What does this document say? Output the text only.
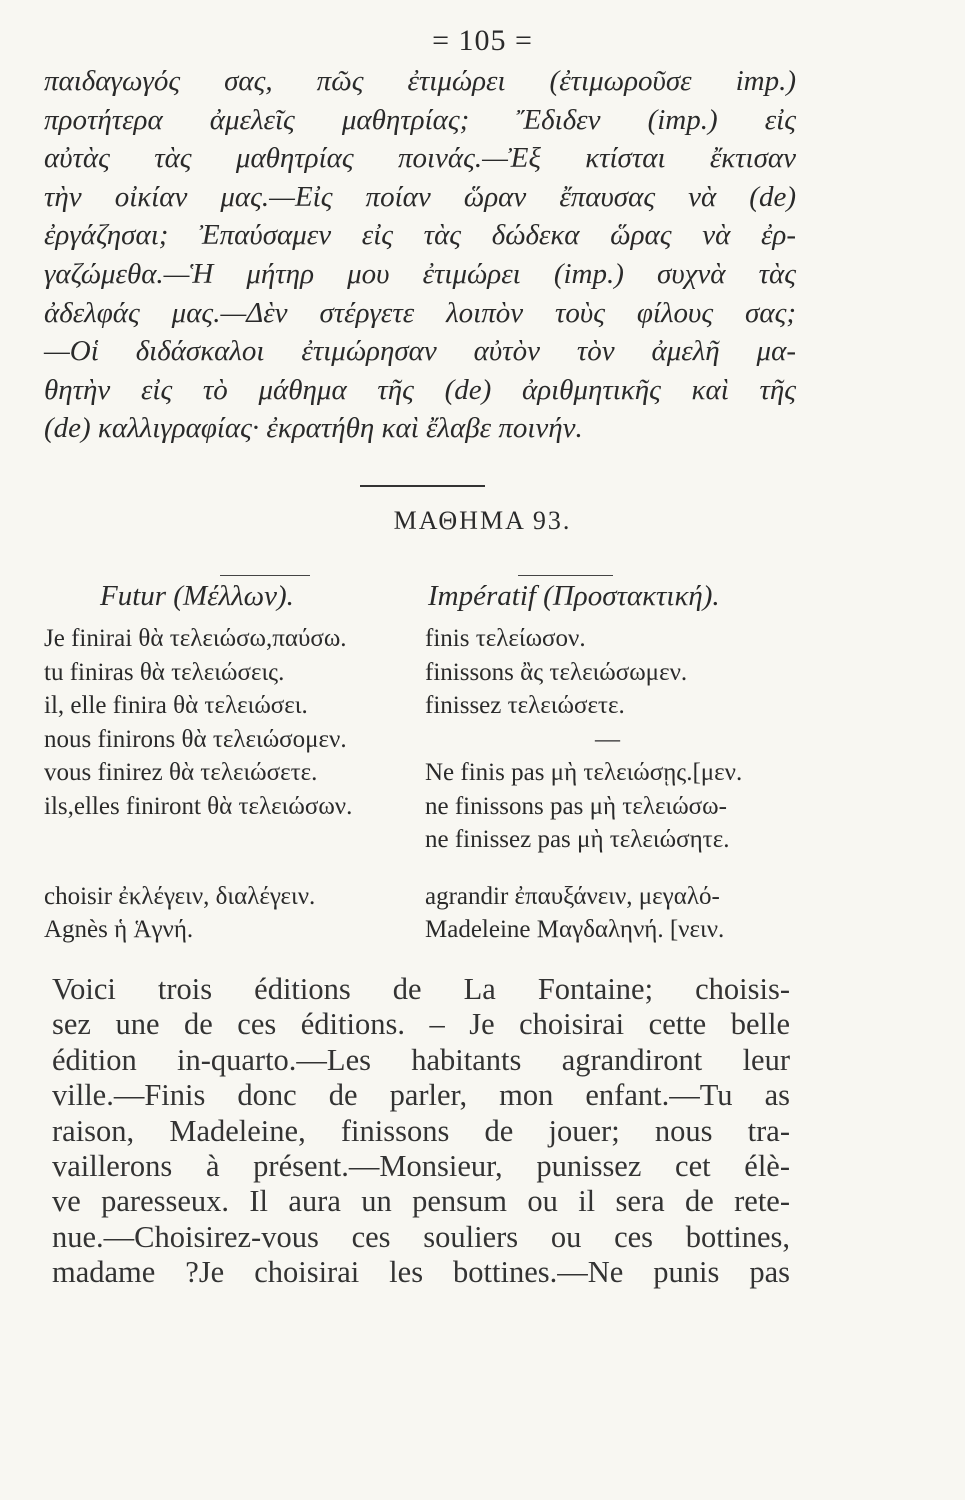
= 105 =
παιδαγωγός σας, πῶς ἐτιμώρει (ἐτιμωροῦσε imp.)
προτήτερα ἀμελεῖς μαθητρίας; Ἔδιδεν (imp.) εἰς
αὐτὰς τὰς μαθητρίας ποινάς.—Ἐξ κτίσται ἔκτισαν
τὴν οἰκίαν μας.—Εἰς ποίαν ὥραν ἔπαυσας νὰ (de)
ἐργάζησαι; Ἐπαύσαμεν εἰς τὰς δώδεκα ὥρας νὰ ἐρ-
γαζώμεθα.—Ἡ μήτηρ μου ἐτιμώρει (imp.) συχνὰ τὰς
ἀδελφάς μας.—Δὲν στέργετε λοιπὸν τοὺς φίλους σας;
—Οἱ διδάσκαλοι ἐτιμώρησαν αὐτὸν τὸν ἀμελῆ μα-
θητὴν εἰς τὸ μάθημα τῆς (de) ἀριθμητικῆς καὶ τῆς
(de) καλλιγραφίας· ἐκρατήθη καὶ ἔλαβε ποινήν.
ΜΑΘΗΜΑ 93.
Futur (Μέλλων).	Impératif (Προστακτική).
Je finirai θὰ τελειώσω,παύσω.
tu finiras θὰ τελειώσεις.
il, elle finira θὰ τελειώσει.
nous finirons θὰ τελειώσομεν.
vous finirez θὰ τελειώσετε.
ils,elles finiront θὰ τελειώσων.
finis τελείωσον.
finissons ἂς τελειώσωμεν.
finissez τελειώσετε.
—
Ne finis pas μὴ τελειώσῃς.[μεν.
ne finissons pas μὴ τελειώσω-
ne finissez pas μὴ τελειώσητε.
choisir ἐκλέγειν, διαλέγειν.
Agnès ἡ Ἁγνή.
agrandir ἐπαυξάνειν, μεγαλό-
Madeleine Μαγδαληνή. [νειν.
Voici trois éditions de La Fontaine; choisis-
sez une de ces éditions. – Je choisirai cette belle
édition in-quarto.—Les habitants agrandiront leur
ville.—Finis donc de parler, mon enfant.—Tu as
raison, Madeleine, finissons de jouer; nous tra-
vaillerons à présent.—Monsieur, punissez cet élè-
ve paresseux. Il aura un pensum ou il sera de rete-
nue.—Choisirez-vous ces souliers ou ces bottines,
madame ?Je choisirai les bottines.—Ne punis pas
